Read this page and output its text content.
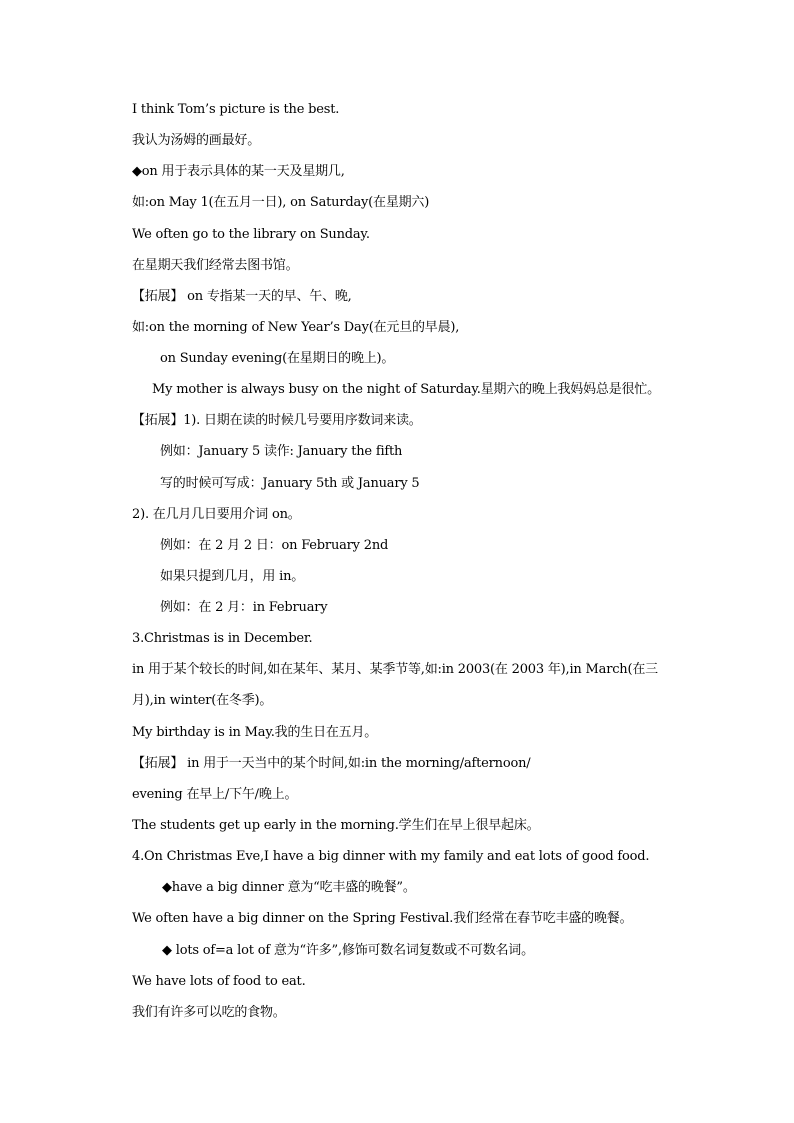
I think Tom’s picture is the best.
我认为汤姆的画最好。
◆on 用于表示具体的某一天及星期几,
如:on May 1(在五月一日), on Saturday(在星期六)
We often go to the library on Sunday.
在星期天我们经常去图书馆。
【拓展】 on 专指某一天的早、午、晚,
如:on the morning of New Year’s Day(在元旦的早晨),
on Sunday evening(在星期日的晚上)。
My mother is always busy on the night of Saturday.星期六的晚上我妈妈总是很忙。
【拓展】1). 日期在读的时候几号要用序数词来读。
例如：January 5 读作: January the fifth
写的时候可写成：January 5th 或 January 5
2). 在几月几日要用介词 on。
例如：在 2 月 2 日：on February 2nd
如果只提到几月，用 in。
例如：在 2 月：in February
3.Christmas is in December.
in 用于某个较长的时间,如在某年、某月、某季节等,如:in 2003(在 2003 年),in March(在三
月),in winter(在冬季)。
My birthday is in May.我的生日在五月。
【拓展】 in 用于一天当中的某个时间,如:in the morning/afternoon/
evening 在早上/下午/晚上。
The students get up early in the morning.学生们在早上很早起床。
4.On Christmas Eve,I have a big dinner with my family and eat lots of good food.
◆have a big dinner 意为“吃丰盛的晚餐”。
We often have a big dinner on the Spring Festival.我们经常在春节吃丰盛的晚餐。
◆ lots of=a lot of 意为“许多”,修饰可数名词复数或不可数名词。
We have lots of food to eat.
我们有许多可以吃的食物。
